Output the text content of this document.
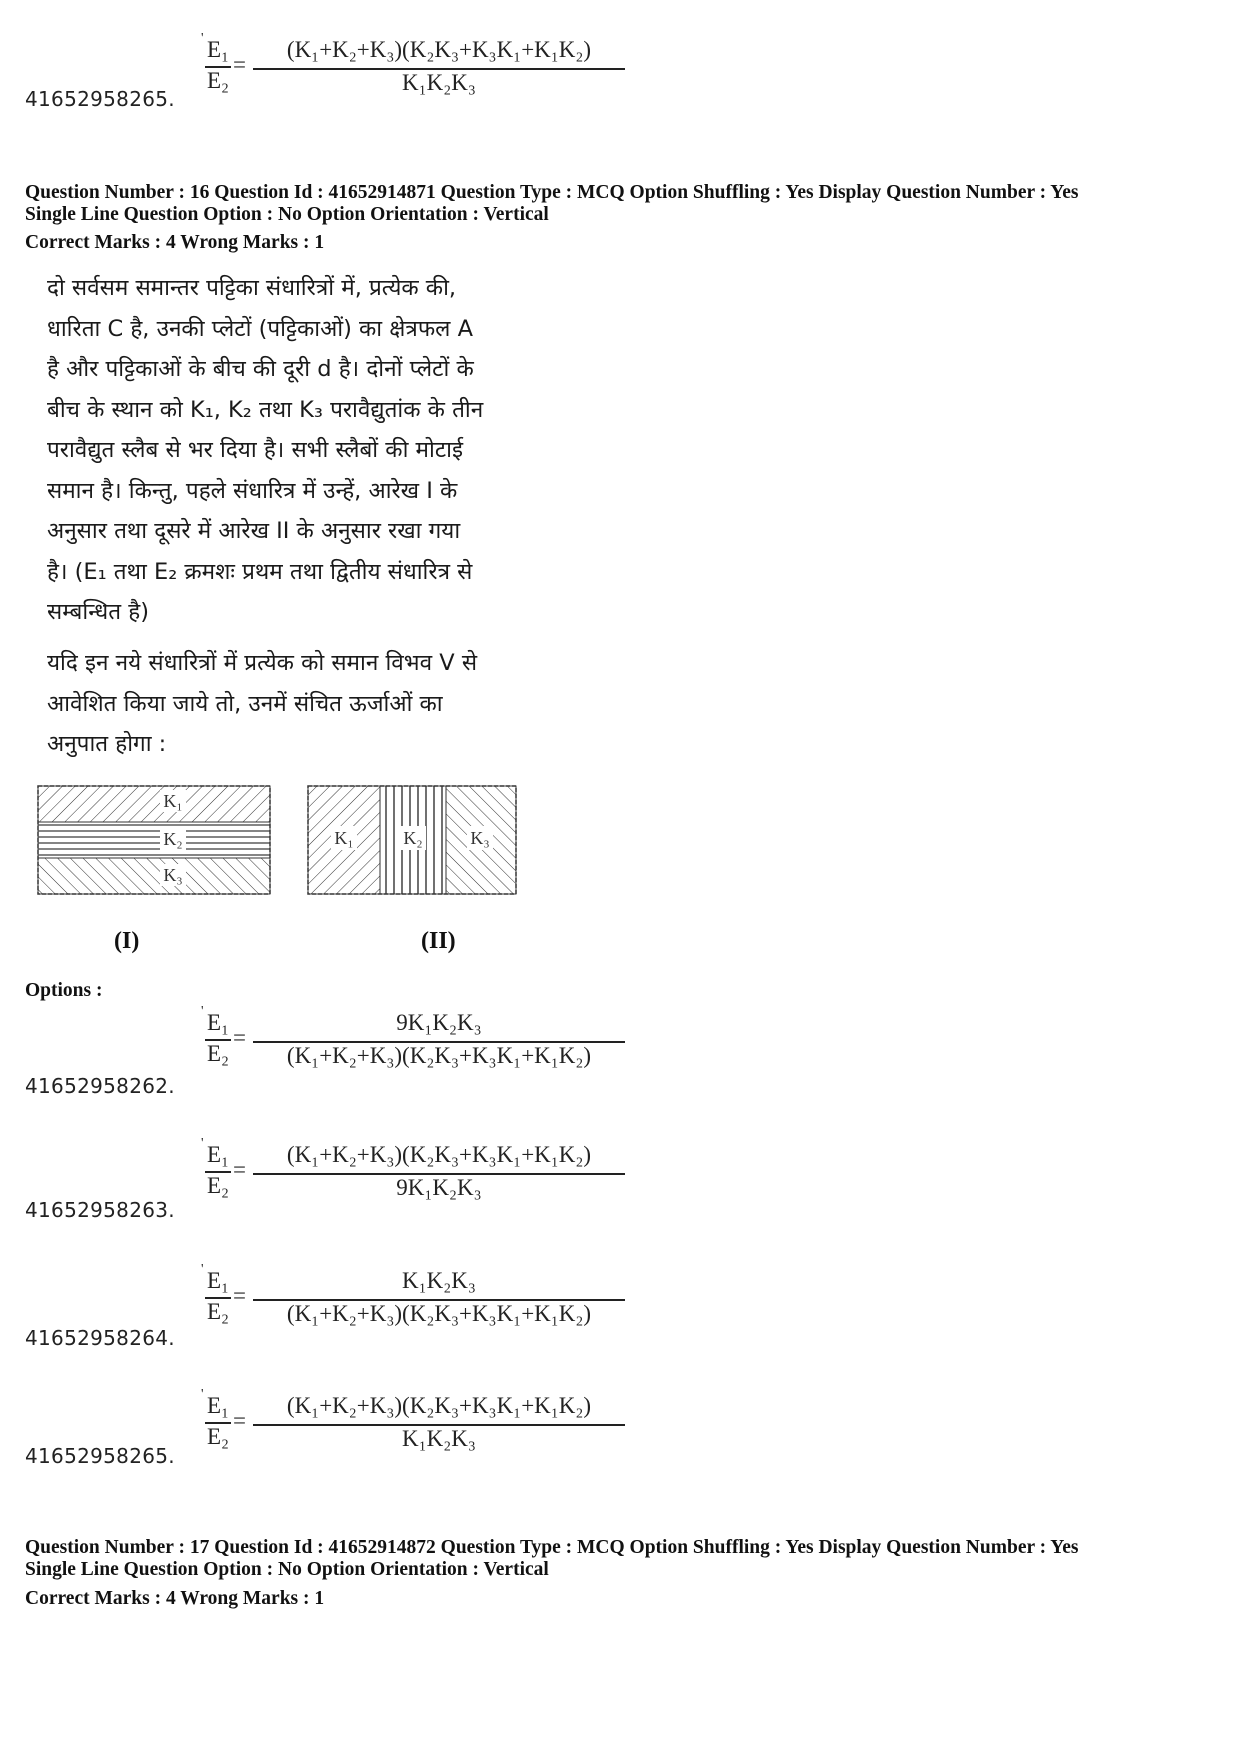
' E₁
E₂
=
(K₁+K₂+K₃)(K₂K₃+K₃K₁+K₁K₂)
K₁K₂K₃
41652958265.
Question Number : 16 Question Id : 41652914871 Question Type : MCQ Option Shuffling : Yes Display Question Number : Yes
Single Line Question Option : No Option Orientation : Vertical
Correct Marks : 4 Wrong Marks : 1

दो सर्वसम समान्तर पट्टिका संधारित्रों में, प्रत्येक की,

धारिता C है, उनकी प्लेटों (पट्टिकाओं) का क्षेत्रफल A

है और पट्टिकाओं के बीच की दूरी d है। दोनों प्लेटों के

बीच के स्थान को K₁, K₂ तथा K₃ परावैद्युतांक के तीन

परावैद्युत स्लैब से भर दिया है। सभी स्लैबों की मोटाई

समान है। किन्तु, पहले संधारित्र में उन्हें, आरेख I के

अनुसार तथा दूसरे में आरेख II के अनुसार रखा गया

है। (E₁ तथा E₂ क्रमशः प्रथम तथा द्वितीय संधारित्र से

सम्बन्धित है)

यदि इन नये संधारित्रों में प्रत्येक को समान विभव V से

आवेशित किया जाये तो, उनमें संचित ऊर्जाओं का

अनुपात होगा :

K₁
K₂
K₃
K₁	K₂	K₃
(I)	(II)
Options :
' E₁
E₂
=
9K₁K₂K₃
(K₁+K₂+K₃)(K₂K₃+K₃K₁+K₁K₂)
41652958262.
' E₁
E₂
=
(K₁+K₂+K₃)(K₂K₃+K₃K₁+K₁K₂)
9K₁K₂K₃
41652958263.
' E₁
E₂
=
K₁K₂K₃
(K₁+K₂+K₃)(K₂K₃+K₃K₁+K₁K₂)
41652958264.
' E₁
E₂
=
(K₁+K₂+K₃)(K₂K₃+K₃K₁+K₁K₂)
K₁K₂K₃
41652958265.
Question Number : 17 Question Id : 41652914872 Question Type : MCQ Option Shuffling : Yes Display Question Number : Yes
Single Line Question Option : No Option Orientation : Vertical
Correct Marks : 4 Wrong Marks : 1
